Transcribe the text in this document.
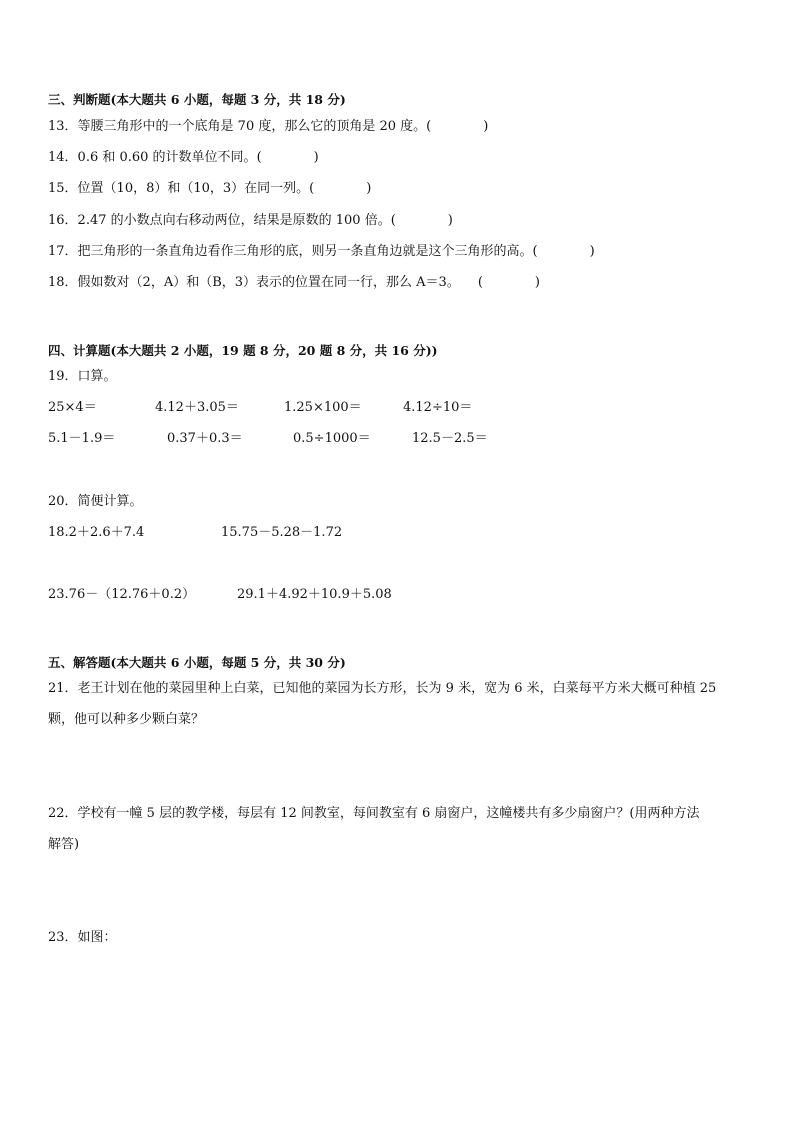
三、判断题(本大题共 6 小题，每题 3 分，共 18 分)
13．等腰三角形中的一个底角是 70 度，那么它的顶角是 20 度。(　　　　)
14．0.6 和 0.60 的计数单位不同。(　　　　)
15．位置（10，8）和（10，3）在同一列。(　　　　)
16．2.47 的小数点向右移动两位，结果是原数的 100 倍。(　　　　)
17．把三角形的一条直角边看作三角形的底，则另一条直角边就是这个三角形的高。(　　　　)
18．假如数对（2，A）和（B，3）表示的位置在同一行，那么 A＝3。 (　　　　)
四、计算题(本大题共 2 小题，19 题 8 分，20 题 8 分，共 16 分))
19．口算。
25×4＝	4.12＋3.05＝	1.25×100＝	4.12÷10＝
5.1－1.9＝	0.37＋0.3＝	0.5÷1000＝	12.5－2.5＝
20．简便计算。
18.2＋2.6＋7.4	15.75－5.28－1.72
23.76－（12.76＋0.2）	29.1＋4.92＋10.9＋5.08
五、解答题(本大题共 6 小题，每题 5 分，共 30 分)
21．老王计划在他的菜园里种上白菜，已知他的菜园为长方形，长为 9 米，宽为 6 米，白菜每平方米大概可种植 25
颗，他可以种多少颗白菜？
22．学校有一幢 5 层的教学楼，每层有 12 间教室，每间教室有 6 扇窗户，这幢楼共有多少扇窗户？(用两种方法
解答)
23．如图：
